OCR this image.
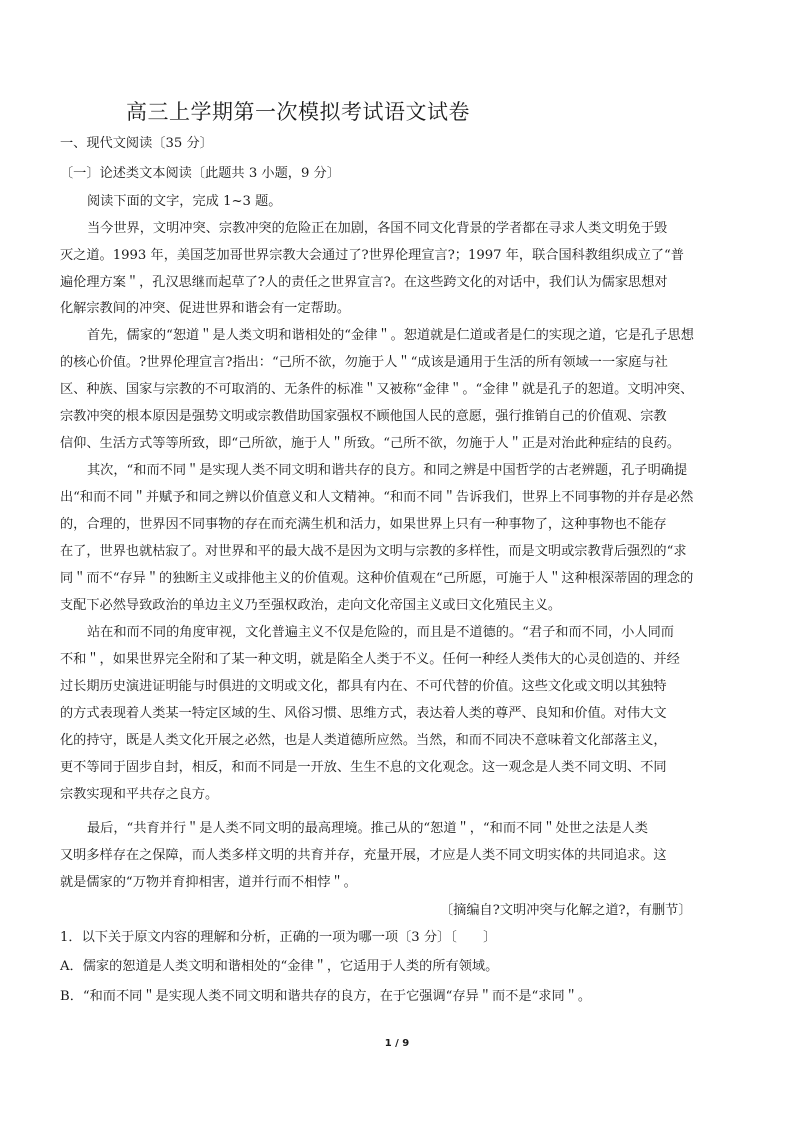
高三上学期第一次模拟考试语文试卷
一、现代文阅读〔35 分〕
〔一〕论述类文本阅读〔此题共 3 小题，9 分〕
阅读下面的文字，完成 1~3 题。
当今世界，文明冲突、宗教冲突的危险正在加剧，各国不同文化背景的学者都在寻求人类文明免于毁
灭之道。1993 年，美国芝加哥世界宗教大会通过了?世界伦理宣言?；1997 年，联合国科教组织成立了“普
遍伦理方案＂，孔汉思继而起草了?人的责任之世界宣言?。在这些跨文化的对话中，我们认为儒家思想对
化解宗教间的冲突、促进世界和谐会有一定帮助。
首先，儒家的“恕道＂是人类文明和谐相处的“金律＂。恕道就是仁道或者是仁的实现之道，它是孔子思想
的核心价值。?世界伦理宣言?指出：“己所不欲，勿施于人＂“成该是通用于生活的所有领域一一家庭与社
区、种族、国家与宗教的不可取消的、无条件的标准＂又被称“金律＂。“金律＂就是孔子的恕道。文明冲突、
宗教冲突的根本原因是强势文明或宗教借助国家强权不顾他国人民的意愿，强行推销自己的价值观、宗教
信仰、生活方式等等所致，即“己所欲，施于人＂所致。“己所不欲，勿施于人＂正是对治此种症结的良药。
其次，“和而不同＂是实现人类不同文明和谐共存的良方。和同之辨是中国哲学的古老辨题，孔子明确提
出“和而不同＂并赋予和同之辨以价值意义和人文精神。“和而不同＂告诉我们，世界上不同事物的并存是必然
的，合理的，世界因不同事物的存在而充满生机和活力，如果世界上只有一种事物了，这种事物也不能存
在了，世界也就枯寂了。对世界和平的最大战不是因为文明与宗教的多样性，而是文明或宗教背后强烈的“求
同＂而不“存异＂的独断主义或排他主义的价值观。这种价值观在“己所愿，可施于人＂这种根深蒂固的理念的
支配下必然导致政治的单边主义乃至强权政治，走向文化帝国主义或曰文化殖民主义。
站在和而不同的角度审视，文化普遍主义不仅是危险的，而且是不道德的。“君子和而不同，小人同而
不和＂，如果世界完全附和了某一种文明，就是陷全人类于不义。任何一种经人类伟大的心灵创造的、并经
过长期历史演进证明能与时俱进的文明或文化，都具有内在、不可代替的价值。这些文化或文明以其独特
的方式表现着人类某一特定区域的生、风俗习惯、思维方式，表达着人类的尊严、良知和价值。对伟大文
化的持守，既是人类文化开展之必然，也是人类道德所应然。当然，和而不同决不意味着文化部落主义，
更不等同于固步自封，相反，和而不同是一开放、生生不息的文化观念。这一观念是人类不同文明、不同
宗教实现和平共存之良方。
最后，“共育并行＂是人类不同文明的最高理境。推己从的“恕道＂，“和而不同＂处世之法是人类
又明多样存在之保障，而人类多样文明的共育并存，充量开展，才应是人类不同文明实体的共同追求。这
就是儒家的“万物并育抑相害，道并行而不相悖＂。
〔摘编自?文明冲突与化解之道?，有删节〕
1．以下关于原文内容的理解和分析，正确的一项为哪一项〔3 分〕〔　　〕
A．儒家的恕道是人类文明和谐相处的“金律＂，它适用于人类的所有领域。
B．“和而不同＂是实现人类不同文明和谐共存的良方，在于它强调“存异＂而不是“求同＂。
1 / 9
